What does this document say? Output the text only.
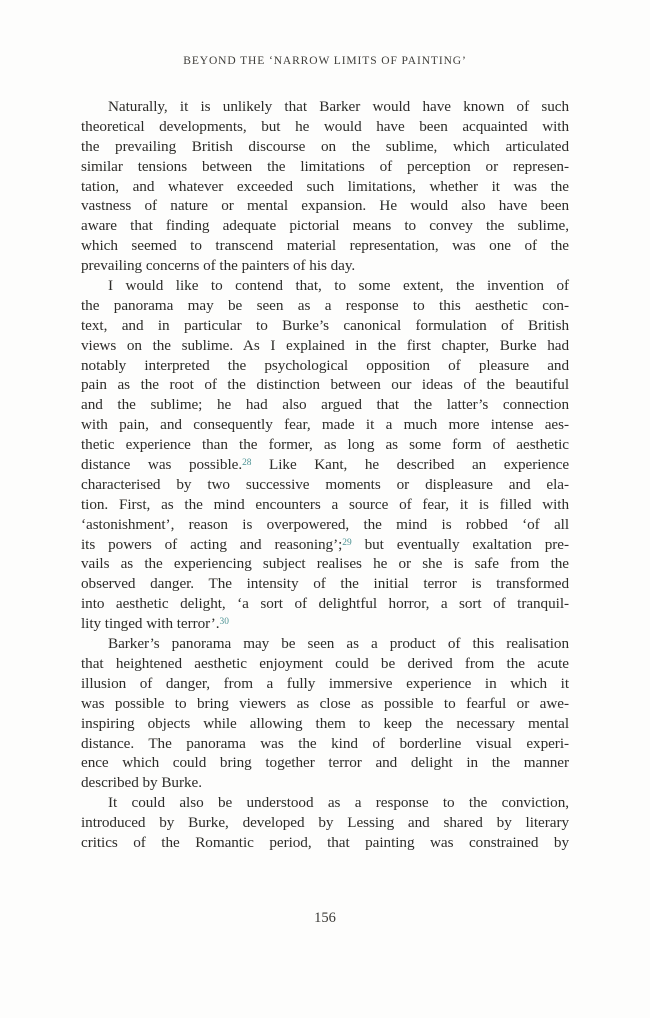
BEYOND THE ‘NARROW LIMITS OF PAINTING’
Naturally, it is unlikely that Barker would have known of such
theoretical developments, but he would have been acquainted with
the prevailing British discourse on the sublime, which articulated
similar tensions between the limitations of perception or represen-
tation, and whatever exceeded such limitations, whether it was the
vastness of nature or mental expansion. He would also have been
aware that finding adequate pictorial means to convey the sublime,
which seemed to transcend material representation, was one of the
prevailing concerns of the painters of his day.
I would like to contend that, to some extent, the invention of
the panorama may be seen as a response to this aesthetic con-
text, and in particular to Burke’s canonical formulation of British
views on the sublime. As I explained in the first chapter, Burke had
notably interpreted the psychological opposition of pleasure and
pain as the root of the distinction between our ideas of the beautiful
and the sublime; he had also argued that the latter’s connection
with pain, and consequently fear, made it a much more intense aes-
thetic experience than the former, as long as some form of aesthetic
distance was possible.$^{28}$ Like Kant, he described an experience
characterised by two successive moments or displeasure and ela-
tion. First, as the mind encounters a source of fear, it is filled with
‘astonishment’, reason is overpowered, the mind is robbed ‘of all
its powers of acting and reasoning’;$^{29}$ but eventually exaltation pre-
vails as the experiencing subject realises he or she is safe from the
observed danger. The intensity of the initial terror is transformed
into aesthetic delight, ‘a sort of delightful horror, a sort of tranquil-
lity tinged with terror’.$^{30}$
Barker’s panorama may be seen as a product of this realisation
that heightened aesthetic enjoyment could be derived from the acute
illusion of danger, from a fully immersive experience in which it
was possible to bring viewers as close as possible to fearful or awe-
inspiring objects while allowing them to keep the necessary mental
distance. The panorama was the kind of borderline visual experi-
ence which could bring together terror and delight in the manner
described by Burke.
It could also be understood as a response to the conviction,
introduced by Burke, developed by Lessing and shared by literary
critics of the Romantic period, that painting was constrained by
156
